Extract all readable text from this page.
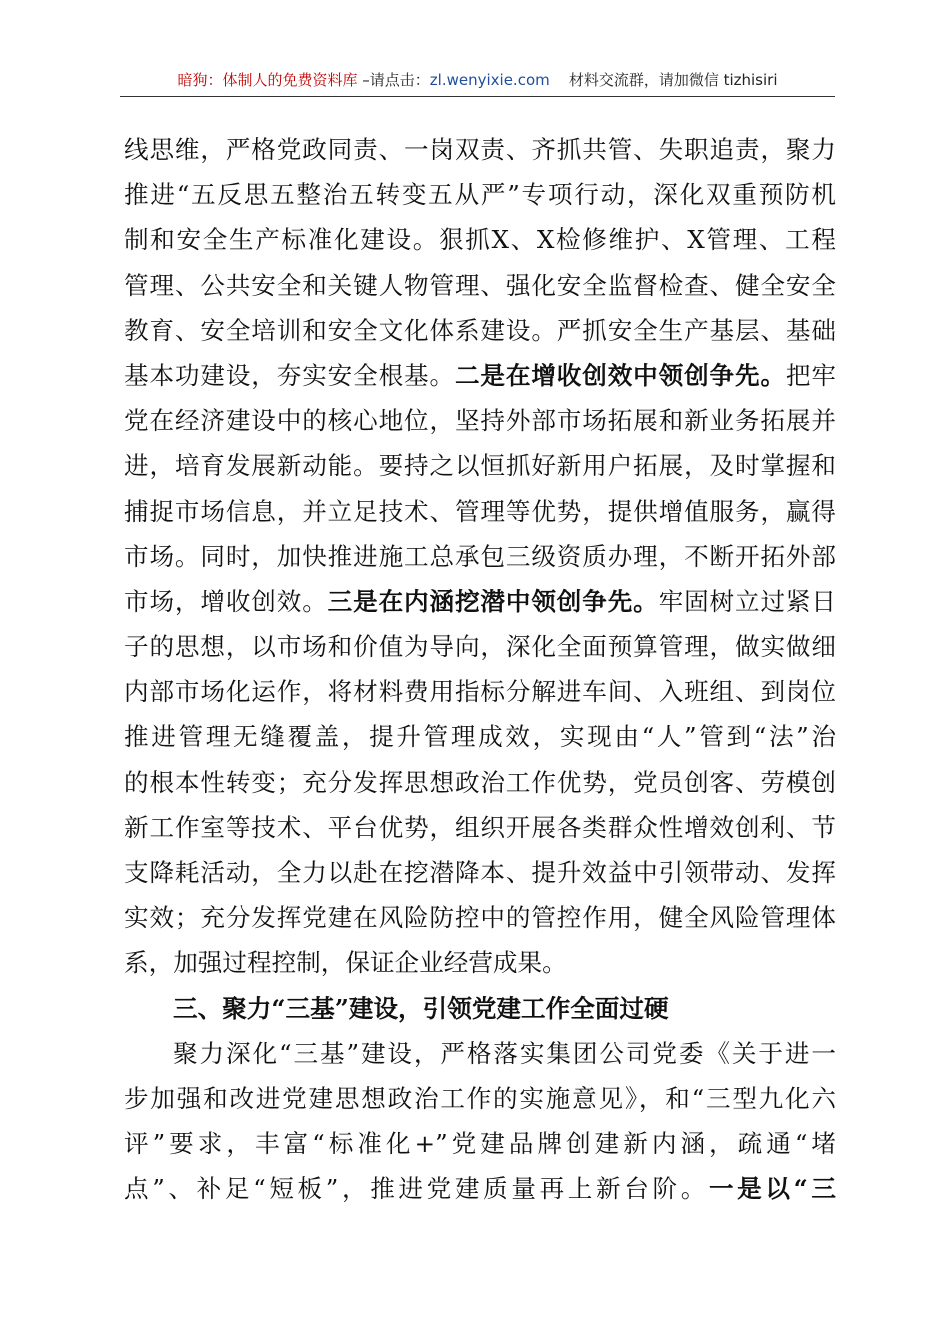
暗狗：体制人的免费资料库 –请点击：zl.wenyixie.com 材料交流群，请加微信 tizhisiri
线思维，严格党政同责、一岗双责、齐抓共管、失职追责，聚力
推进“五反思五整治五转变五从严”专项行动，深化双重预防机
制和安全生产标准化建设。狠抓X、X检修维护、X管理、工程
管理、公共安全和关键人物管理、强化安全监督检查、健全安全
教育、安全培训和安全文化体系建设。严抓安全生产基层、基础
基本功建设，夯实安全根基。二是在增收创效中领创争先。把牢
党在经济建设中的核心地位，坚持外部市场拓展和新业务拓展并
进，培育发展新动能。要持之以恒抓好新用户拓展，及时掌握和
捕捉市场信息，并立足技术、管理等优势，提供增值服务，赢得
市场。同时，加快推进施工总承包三级资质办理，不断开拓外部
市场，增收创效。三是在内涵挖潜中领创争先。牢固树立过紧日
子的思想，以市场和价值为导向，深化全面预算管理，做实做细
内部市场化运作，将材料费用指标分解进车间、入班组、到岗位
推进管理无缝覆盖，提升管理成效，实现由“人”管到“法”治
的根本性转变；充分发挥思想政治工作优势，党员创客、劳模创
新工作室等技术、平台优势，组织开展各类群众性增效创利、节
支降耗活动，全力以赴在挖潜降本、提升效益中引领带动、发挥
实效；充分发挥党建在风险防控中的管控作用，健全风险管理体
系，加强过程控制，保证企业经营成果。
三、聚力“三基”建设，引领党建工作全面过硬
聚力深化“三基”建设，严格落实集团公司党委《关于进一
步加强和改进党建思想政治工作的实施意见》，和“三型九化六
评”要求，丰富“标准化+”党建品牌创建新内涵，疏通“堵
点”、补足“短板”，推进党建质量再上新台阶。一是以“三
